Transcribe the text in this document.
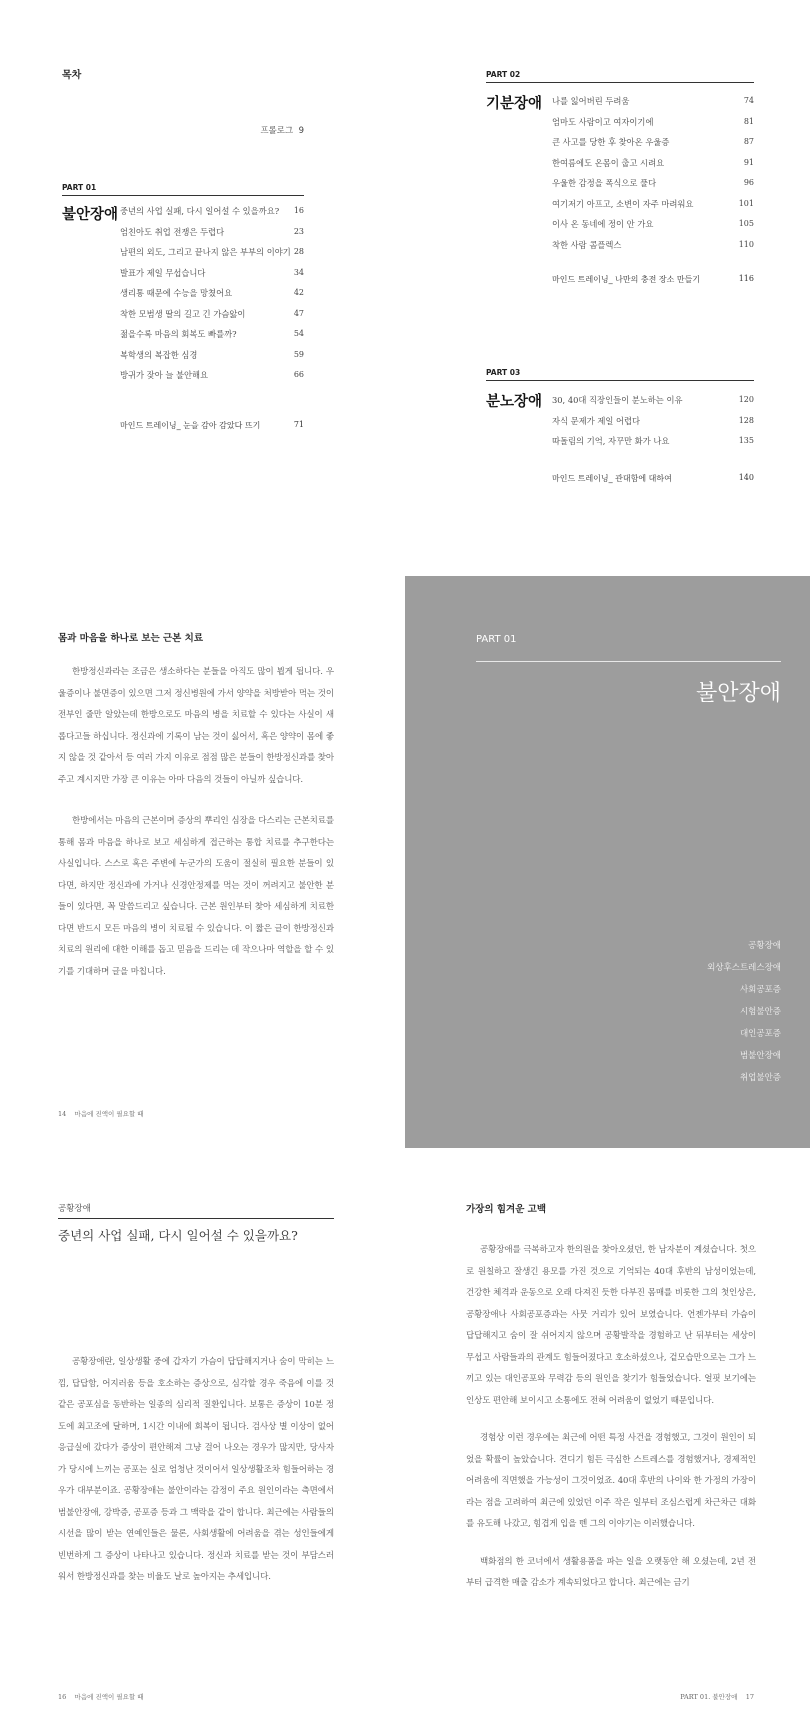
목차
프롤로그 9
PART 01
불안장애 중년의 사업 실패, 다시 일어설 수 있을까요? 16
엄친아도 취업 전쟁은 두렵다	23
남편의 외도, 그리고 끝나지 않은 부부의 이야기 28
발표가 제일 무섭습니다	34
생리통 때문에 수능을 망쳤어요	42
착한 모범생 딸의 길고 긴 가슴앓이	47
젊을수록 마음의 회복도 빠를까?	54
복학생의 복잡한 심경	59
방귀가 잦아 늘 불안해요	66
마인드 트레이닝_ 눈을 감아 감았다 뜨기	71
PART 02
기분장애 나를 잃어버린 두려움	74
엄마도 사람이고 여자이기에	81
큰 사고를 당한 후 찾아온 우울증	87
한여름에도 온몸이 춥고 시려요	91
우울한 감정을 폭식으로 풀다	96
여기저기 아프고, 소변이 자주 마려워요	101
이사 온 동네에 정이 안 가요	105
착한 사람 콤플렉스	110
마인드 트레이닝_ 나만의 충전 장소 만들기	116
PART 03
분노장애 30, 40대 직장인들이 분노하는 이유	120
자식 문제가 제일 어렵다	128
따돌림의 기억, 자꾸만 화가 나요	135
마인드 트레이닝_ 관대함에 대하여	140
몸과 마음을 하나로 보는 근본 치료

한방정신과라는 조금은 생소하다는 분들을 아직도 많이 뵙게 됩니다. 우울증이나 불면증이 있으면 그저 정신병원에 가서 양약을 처방받아 먹는 것이 전부인 줄만 알았는데 한방으로도 마음의 병을 치료할 수 있다는 사실이 새롭다고들 하십니다. 정신과에 기록이 남는 것이 싫어서, 혹은 양약이 몸에 좋지 않을 것 같아서 등 여러 가지 이유로 점점 많은 분들이 한방정신과를 찾아 주고 계시지만 가장 큰 이유는 아마 다음의 것들이 아닐까 싶습니다.

한방에서는 마음의 근본이며 증상의 뿌리인 심장을 다스리는 근본치료를 통해 몸과 마음을 하나로 보고 세심하게 접근하는 통합 치료를 추구한다는 사실입니다. 스스로 혹은 주변에 누군가의 도움이 절실히 필요한 분들이 있다면, 하지만 정신과에 가거나 신경안정제를 먹는 것이 꺼려지고 불안한 분들이 있다면, 꼭 말씀드리고 싶습니다. 근본 원인부터 찾아 세심하게 치료한다면 반드시 모든 마음의 병이 치료될 수 있습니다. 이 짧은 글이 한방정신과 치료의 원리에 대한 이해를 돕고 믿음을 드리는 데 작으나마 역할을 할 수 있기를 기대하며 글을 마칩니다.

14    마음에 진액이 필요할 때
PART 01
불안장애
공황장애
외상후스트레스장애
사회공포증
시험불안증
대인공포증
범불안장애
취업불안증
공황장애
중년의 사업 실패, 다시 일어설 수 있을까요?

공황장애란, 일상생활 중에 갑자기 가슴이 답답해지거나 숨이 막히는 느낌, 답답함, 어지러움 등을 호소하는 증상으로, 심각할 경우 죽음에 이를 것 같은 공포심을 동반하는 일종의 심리적 질환입니다. 보통은 증상이 10분 정도에 최고조에 달하며, 1시간 이내에 회복이 됩니다. 검사상 별 이상이 없어 응급실에 갔다가 증상이 편안해져 그냥 걸어 나오는 경우가 많지만, 당사자가 당시에 느끼는 공포는 실로 엄청난 것이어서 일상생활조차 힘들어하는 경우가 대부분이죠. 공황장애는 불안이라는 감정이 주요 원인이라는 측면에서 범불안장애, 강박증, 공포증 등과 그 맥락을 같이 합니다. 최근에는 사람들의 시선을 많이 받는 연예인들은 물론, 사회생활에 어려움을 겪는 성인들에게 빈번하게 그 증상이 나타나고 있습니다. 정신과 치료를 받는 것이 부담스러워서 한방정신과를 찾는 비율도 날로 높아지는 추세입니다.

16    마음에 진액이 필요할 때
가장의 힘겨운 고백

공황장애를 극복하고자 한의원을 찾아오셨던, 한 남자분이 계셨습니다. 첫으로 원칠하고 잘생긴 용모를 가진 것으로 기억되는 40대 후반의 남성이었는데, 건강한 체격과 운동으로 오래 다져진 듯한 다부진 몸매를 비롯한 그의 첫인상은, 공황장애나 사회공포증과는 사뭇 거리가 있어 보였습니다. 언젠가부터 가슴이 답답해지고 숨이 잘 쉬어지지 않으며 공황발작을 경험하고 난 뒤부터는 세상이 무섭고 사람들과의 관계도 힘들어졌다고 호소하셨으나, 겉모습만으로는 그가 느끼고 있는 대인공포와 무력감 등의 원인을 찾기가 힘들었습니다. 얼핏 보기에는 인상도 편안해 보이시고 소통에도 전혀 어려움이 없었기 때문입니다.

경험상 이런 경우에는 최근에 어떤 특정 사건을 경험했고, 그것이 원인이 되었을 확률이 높았습니다. 견디기 힘든 극심한 스트레스를 경험했거나, 경제적인 어려움에 직면했을 가능성이 그것이었죠. 40대 후반의 나이와 한 가정의 가장이라는 점을 고려하여 최근에 있었던 이주 작은 일부터 조심스럽게 차근차근 대화를 유도해 나갔고, 힘겹게 입을 뗀 그의 이야기는 이러했습니다.

백화점의 한 코너에서 생활용품을 파는 일을 오랫동안 해 오셨는데, 2년 전부터 급격한 매출 감소가 계속되었다고 합니다. 최근에는 금기

PART 01. 불안장애    17
